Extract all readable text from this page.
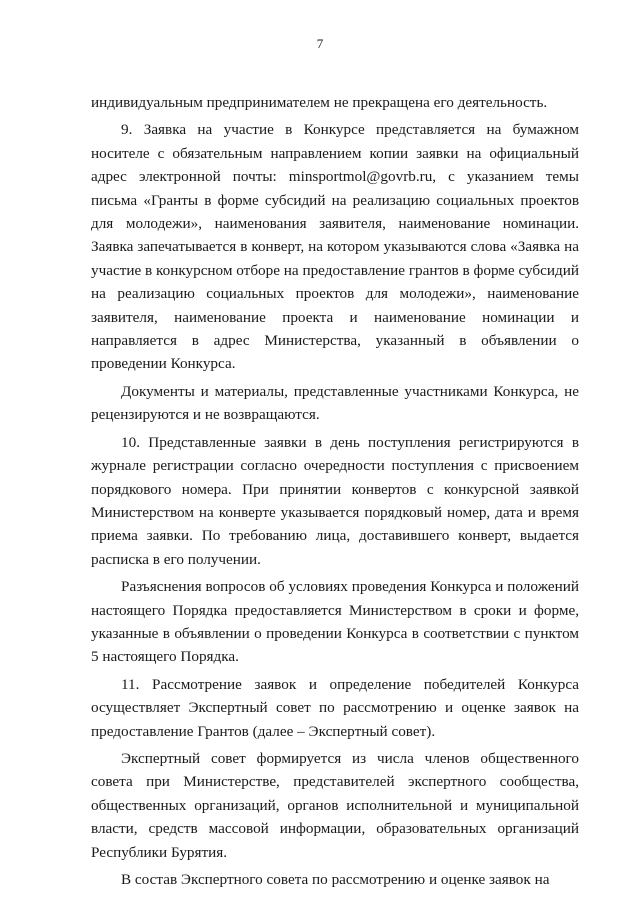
7

индивидуальным предпринимателем не прекращена его деятельность.

9. Заявка на участие в Конкурсе представляется на бумажном носителе с обязательным направлением копии заявки на официальный адрес электронной почты: minsportmol@govrb.ru, с указанием темы письма «Гранты в форме субсидий на реализацию социальных проектов для молодежи», наименования заявителя, наименование номинации. Заявка запечатывается в конверт, на котором указываются слова «Заявка на участие в конкурсном отборе на предоставление грантов в форме субсидий на реализацию социальных проектов для молодежи», наименование заявителя, наименование проекта и наименование номинации и направляется в адрес Министерства, указанный в объявлении о проведении Конкурса.

Документы и материалы, представленные участниками Конкурса, не рецензируются и не возвращаются.

10. Представленные заявки в день поступления регистрируются в журнале регистрации согласно очередности поступления с присвоением порядкового номера. При принятии конвертов с конкурсной заявкой Министерством на конверте указывается порядковый номер, дата и время приема заявки. По требованию лица, доставившего конверт, выдается расписка в его получении.

Разъяснения вопросов об условиях проведения Конкурса и положений настоящего Порядка предоставляется Министерством в сроки и форме, указанные в объявлении о проведении Конкурса в соответствии с пунктом 5 настоящего Порядка.

11. Рассмотрение заявок и определение победителей Конкурса осуществляет Экспертный совет по рассмотрению и оценке заявок на предоставление Грантов (далее – Экспертный совет).

Экспертный совет формируется из числа членов общественного совета при Министерстве, представителей экспертного сообщества, общественных организаций, органов исполнительной и муниципальной власти, средств массовой информации, образовательных организаций Республики Бурятия.

В состав Экспертного совета по рассмотрению и оценке заявок на
